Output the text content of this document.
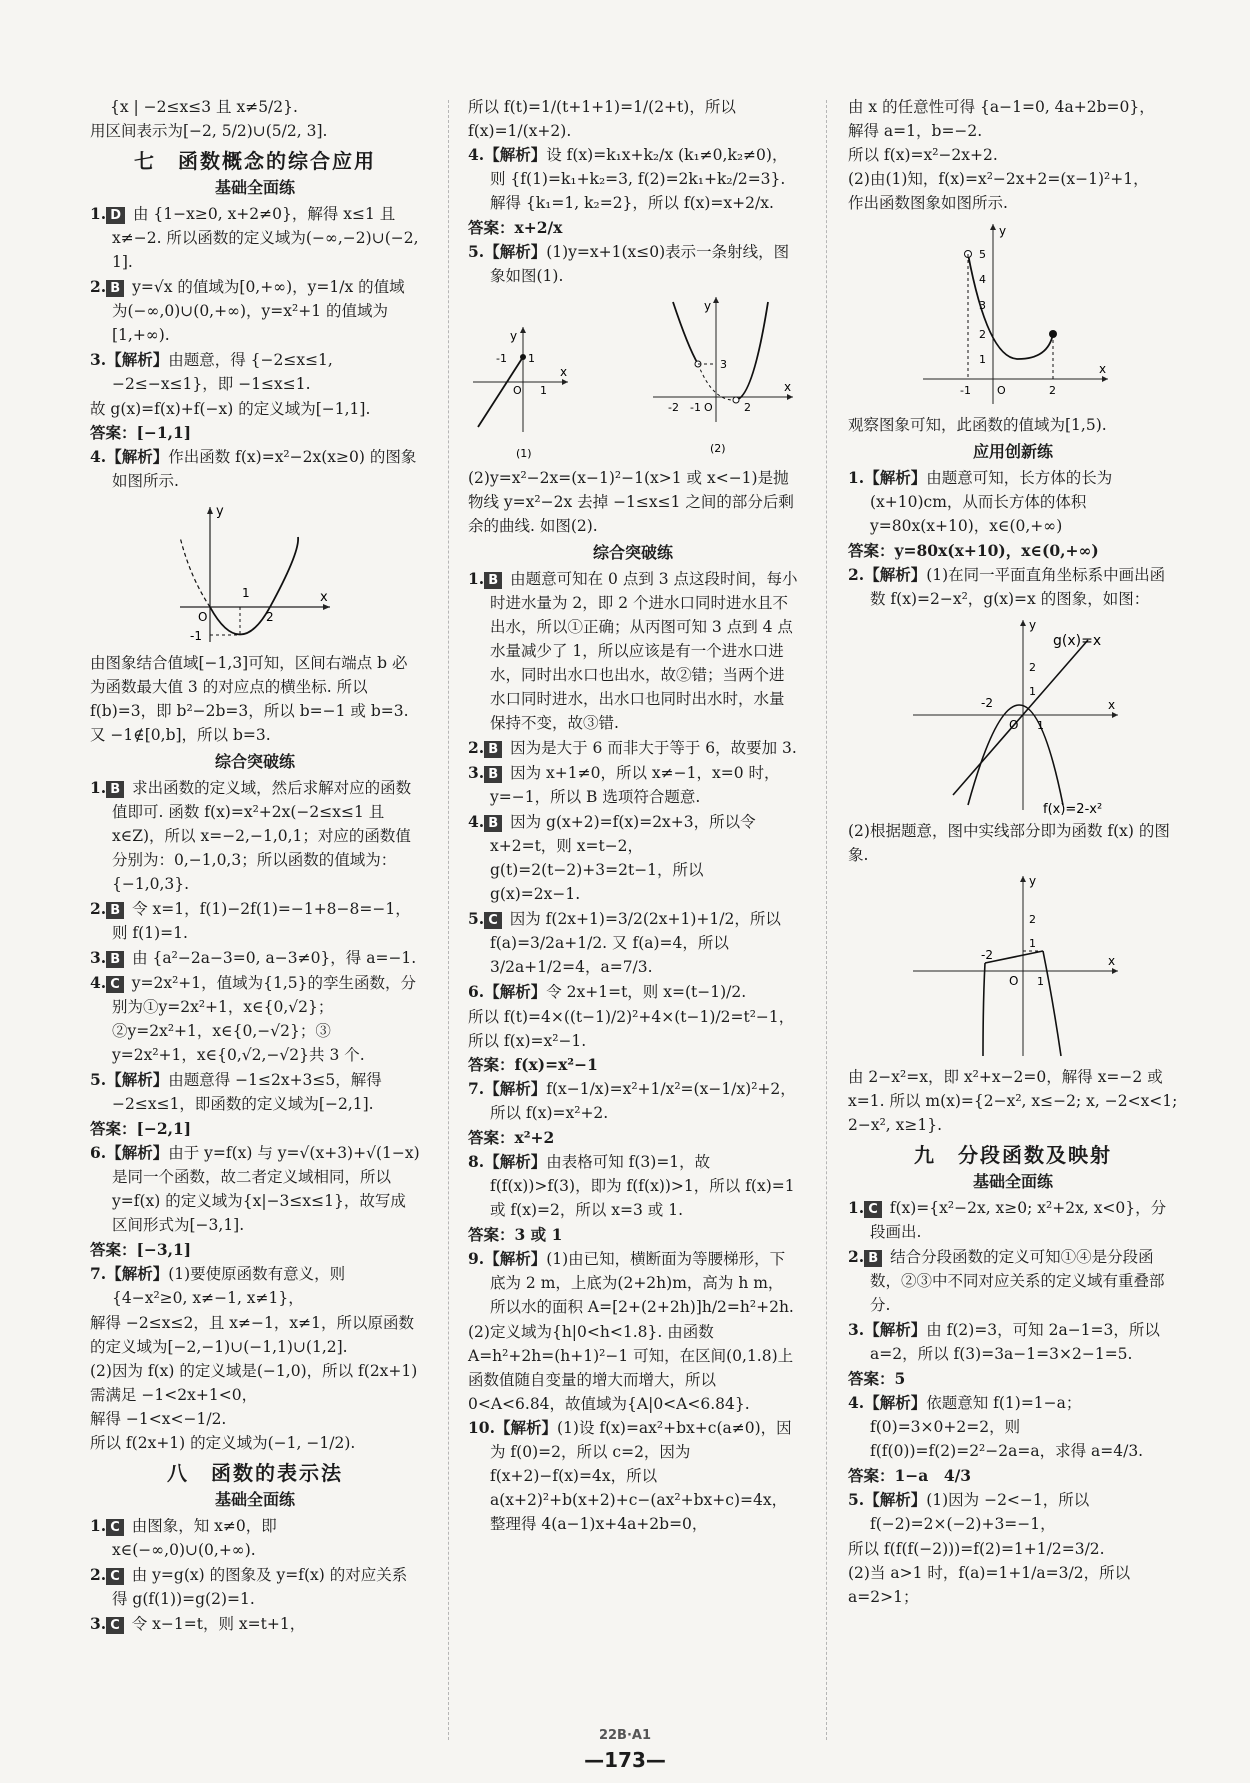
{x | −2≤x≤3 且 x≠5/2}.

用区间表示为[−2, 5/2)∪(5/2, 3].

七　函数概念的综合应用
基础全面练

1. D 由 {1−x≥0, x+2≠0}，解得 x≤1 且 x≠−2. 所以函数的定义域为(−∞,−2)∪(−2, 1].

2. B y=√x 的值域为[0,+∞)，y=1/x 的值域为(−∞,0)∪(0,+∞)，y=x²+1 的值域为[1,+∞).

3.【解析】由题意，得 {−2≤x≤1, −2≤−x≤1}，即 −1≤x≤1.

故 g(x)=f(x)+f(−x) 的定义域为[−1,1].

答案：[−1,1]

4.【解析】作出函数 f(x)=x²−2x(x≥0) 的图象如图所示.

y
1
O	2
x
-1

由图象结合值域[−1,3]可知，区间右端点 b 必为函数最大值 3 的对应点的横坐标. 所以 f(b)=3，即 b²−2b=3，所以 b=−1 或 b=3. 又 −1∉[0,b]，所以 b=3.

综合突破练

1. B 求出函数的定义域，然后求解对应的函数值即可. 函数 f(x)=x²+2x(−2≤x≤1 且 x∈Z)，所以 x=−2,−1,0,1；对应的函数值分别为：0,−1,0,3；所以函数的值域为：{−1,0,3}.

2. B 令 x=1，f(1)−2f(1)=−1+8−8=−1，则 f(1)=1.

3. B 由 {a²−2a−3=0, a−3≠0}，得 a=−1.

4. C y=2x²+1，值域为{1,5}的孪生函数，分别为①y=2x²+1，x∈{0,√2}；②y=2x²+1，x∈{0,−√2}；③ y=2x²+1，x∈{0,√2,−√2}共 3 个.

5.【解析】由题意得 −1≤2x+3≤5，解得 −2≤x≤1，即函数的定义域为[−2,1].

答案：[−2,1]

6.【解析】由于 y=f(x) 与 y=√(x+3)+√(1−x) 是同一个函数，故二者定义域相同，所以 y=f(x) 的定义域为{x|−3≤x≤1}，故写成区间形式为[−3,1].

答案：[−3,1]

7.【解析】(1)要使原函数有意义，则 {4−x²≥0, x≠−1, x≠1}，

解得 −2≤x≤2，且 x≠−1，x≠1，所以原函数的定义域为[−2,−1)∪(−1,1)∪(1,2].

(2)因为 f(x) 的定义域是(−1,0)，所以 f(2x+1) 需满足 −1<2x+1<0，

解得 −1<x<−1/2.

所以 f(2x+1) 的定义域为(−1, −1/2).

八　函数的表示法
基础全面练

1. C 由图象，知 x≠0，即 x∈(−∞,0)∪(0,+∞).

2. C 由 y=g(x) 的图象及 y=f(x) 的对应关系得 g(f(1))=g(2)=1.

3. C 令 x−1=t，则 x=t+1，

所以 f(t)=1/(t+1+1)=1/(2+t)，所以 f(x)=1/(x+2).

4.【解析】设 f(x)=k₁x+k₂/x (k₁≠0,k₂≠0)，则 {f(1)=k₁+k₂=3, f(2)=2k₁+k₂/2=3}. 解得 {k₁=1, k₂=2}，所以 f(x)=x+2/x.

答案：x+2/x

5.【解析】(1)y=x+1(x≤0)表示一条射线，图象如图(1).

y
-1 1
O 1
x
(1)
y
3
-2 -1 O	2
x
(2)

(2)y=x²−2x=(x−1)²−1(x>1 或 x<−1)是抛物线 y=x²−2x 去掉 −1≤x≤1 之间的部分后剩余的曲线. 如图(2).

综合突破练

1. B 由题意可知在 0 点到 3 点这段时间，每小时进水量为 2，即 2 个进水口同时进水且不出水，所以①正确；从丙图可知 3 点到 4 点水量减少了 1，所以应该是有一个进水口进水，同时出水口也出水，故②错；当两个进水口同时进水，出水口也同时出水时，水量保持不变，故③错.

2. B 因为是大于 6 而非大于等于 6，故要加 3.

3. B 因为 x+1≠0，所以 x≠−1，x=0 时，y=−1，所以 B 选项符合题意.

4. B 因为 g(x+2)=f(x)=2x+3，所以令 x+2=t，则 x=t−2，g(t)=2(t−2)+3=2t−1，所以 g(x)=2x−1.

5. C 因为 f(2x+1)=3/2(2x+1)+1/2，所以 f(a)=3/2a+1/2. 又 f(a)=4，所以 3/2a+1/2=4，a=7/3.

6.【解析】令 2x+1=t，则 x=(t−1)/2.

所以 f(t)=4×((t−1)/2)²+4×(t−1)/2=t²−1，所以 f(x)=x²−1.

答案：f(x)=x²−1

7.【解析】f(x−1/x)=x²+1/x²=(x−1/x)²+2，所以 f(x)=x²+2.

答案：x²+2

8.【解析】由表格可知 f(3)=1，故 f(f(x))>f(3)，即为 f(f(x))>1，所以 f(x)=1 或 f(x)=2，所以 x=3 或 1.

答案：3 或 1

9.【解析】(1)由已知，横断面为等腰梯形，下底为 2 m，上底为(2+2h)m，高为 h m，所以水的面积 A=[2+(2+2h)]h/2=h²+2h.

(2)定义域为{h|0<h<1.8}. 由函数 A=h²+2h=(h+1)²−1 可知，在区间(0,1.8)上函数值随自变量的增大而增大，所以 0<A<6.84，故值域为{A|0<A<6.84}.

10.【解析】(1)设 f(x)=ax²+bx+c(a≠0)，因为 f(0)=2，所以 c=2，因为 f(x+2)−f(x)=4x，所以 a(x+2)²+b(x+2)+c−(ax²+bx+c)=4x，整理得 4(a−1)x+4a+2b=0，

由 x 的任意性可得 {a−1=0, 4a+2b=0}，

解得 a=1，b=−2.

所以 f(x)=x²−2x+2.

(2)由(1)知，f(x)=x²−2x+2=(x−1)²+1，

作出函数图象如图所示.

y
5
4
3
2
1
-1 O	2
x

观察图象可知，此函数的值域为[1,5).

应用创新练

1.【解析】由题意可知，长方体的长为(x+10)cm，从而长方体的体积 y=80x(x+10)，x∈(0,+∞)

答案：y=80x(x+10)，x∈(0,+∞)

2.【解析】(1)在同一平面直角坐标系中画出函数 f(x)=2−x²，g(x)=x 的图象，如图：

y
g(x)=x
2
1
-2
O 1
x
f(x)=2-x²

(2)根据题意，图中实线部分即为函数 f(x) 的图象.

y
2
1
-2
O 1
x

由 2−x²=x，即 x²+x−2=0，解得 x=−2 或 x=1. 所以 m(x)={2−x², x≤−2; x, −2<x<1; 2−x², x≥1}.

九　分段函数及映射
基础全面练

1. C f(x)={x²−2x, x≥0; x²+2x, x<0}，分段画出.

2. B 结合分段函数的定义可知①④是分段函数，②③中不同对应关系的定义域有重叠部分.

3.【解析】由 f(2)=3，可知 2a−1=3，所以 a=2，所以 f(3)=3a−1=3×2−1=5.

答案：5

4.【解析】依题意知 f(1)=1−a；f(0)=3×0+2=2，则 f(f(0))=f(2)=2²−2a=a，求得 a=4/3.

答案：1−a　4/3

5.【解析】(1)因为 −2<−1，所以 f(−2)=2×(−2)+3=−1，

所以 f(f(f(−2)))=f(2)=1+1/2=3/2.

(2)当 a>1 时，f(a)=1+1/a=3/2，所以 a=2>1；

22B·A1
—173—
